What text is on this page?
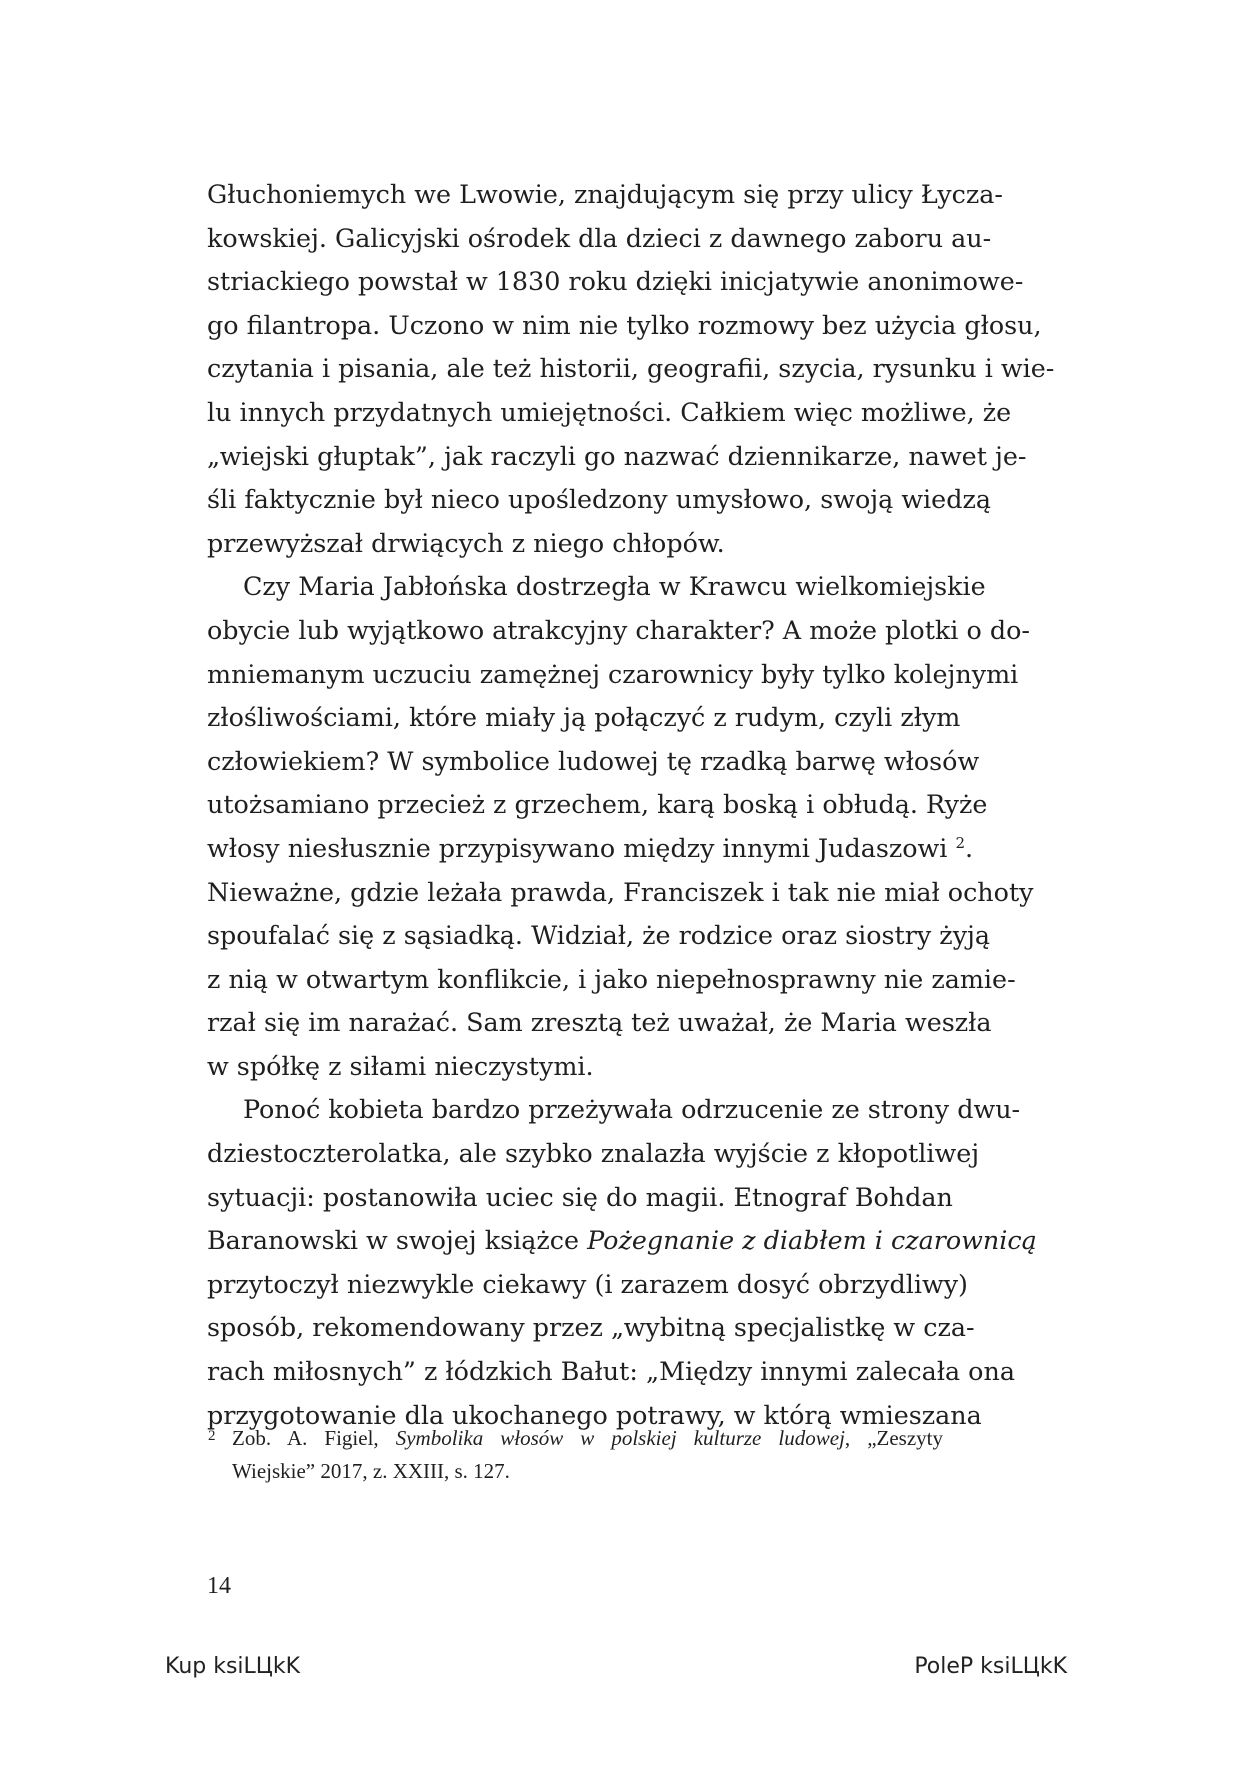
Głuchoniemych we Lwowie, znajdującym się przy ulicy Łycza-
kowskiej. Galicyjski ośrodek dla dzieci z dawnego zaboru au-
striackiego powstał w 1830 roku dzięki inicjatywie anonimowe-
go filantropa. Uczono w nim nie tylko rozmowy bez użycia głosu,
czytania i pisania, ale też historii, geografii, szycia, rysunku i wie-
lu innych przydatnych umiejętności. Całkiem więc możliwe, że
„wiejski głuptak”, jak raczyli go nazwać dziennikarze, nawet je-
śli faktycznie był nieco upośledzony umysłowo, swoją wiedzą
przewyższał drwiących z niego chłopów.

Czy Maria Jabłońska dostrzegła w Krawcu wielkomiejskie
obycie lub wyjątkowo atrakcyjny charakter? A może plotki o do-
mniemanym uczuciu zamężnej czarownicy były tylko kolejnymi
złośliwościami, które miały ją połączyć z rudym, czyli złym
człowiekiem? W symbolice ludowej tę rzadką barwę włosów
utożsamiano przecież z grzechem, karą boską i obłudą. Ryże
włosy niesłusznie przypisywano między innymi Judaszowi $^2$.
Nieważne, gdzie leżała prawda, Franciszek i tak nie miał ochoty
spoufalać się z sąsiadką. Widział, że rodzice oraz siostry żyją
z nią w otwartym konflikcie, i jako niepełnosprawny nie zamie-
rzał się im narażać. Sam zresztą też uważał, że Maria weszła
w spółkę z siłami nieczystymi.

Ponoć kobieta bardzo przeżywała odrzucenie ze strony dwu-
dziestoczterolatka, ale szybko znalazła wyjście z kłopotliwej
sytuacji: postanowiła uciec się do magii. Etnograf Bohdan
Baranowski w swojej książce Pożegnanie z diabłem i czarownicą
przytoczył niezwykle ciekawy (i zarazem dosyć obrzydliwy)
sposób, rekomendowany przez „wybitną specjalistkę w cza-
rach miłosnych” z łódzkich Bałut: „Między innymi zalecała ona
przygotowanie dla ukochanego potrawy, w którą wmieszana

2 Zob. A. Figiel, Symbolika włosów w polskiej kulturze ludowej, „Zeszyty
Wiejskie” 2017, z. XXIII, s. 127.
14
Kup ksiLЦkK	PoleP ksiLЦkK
